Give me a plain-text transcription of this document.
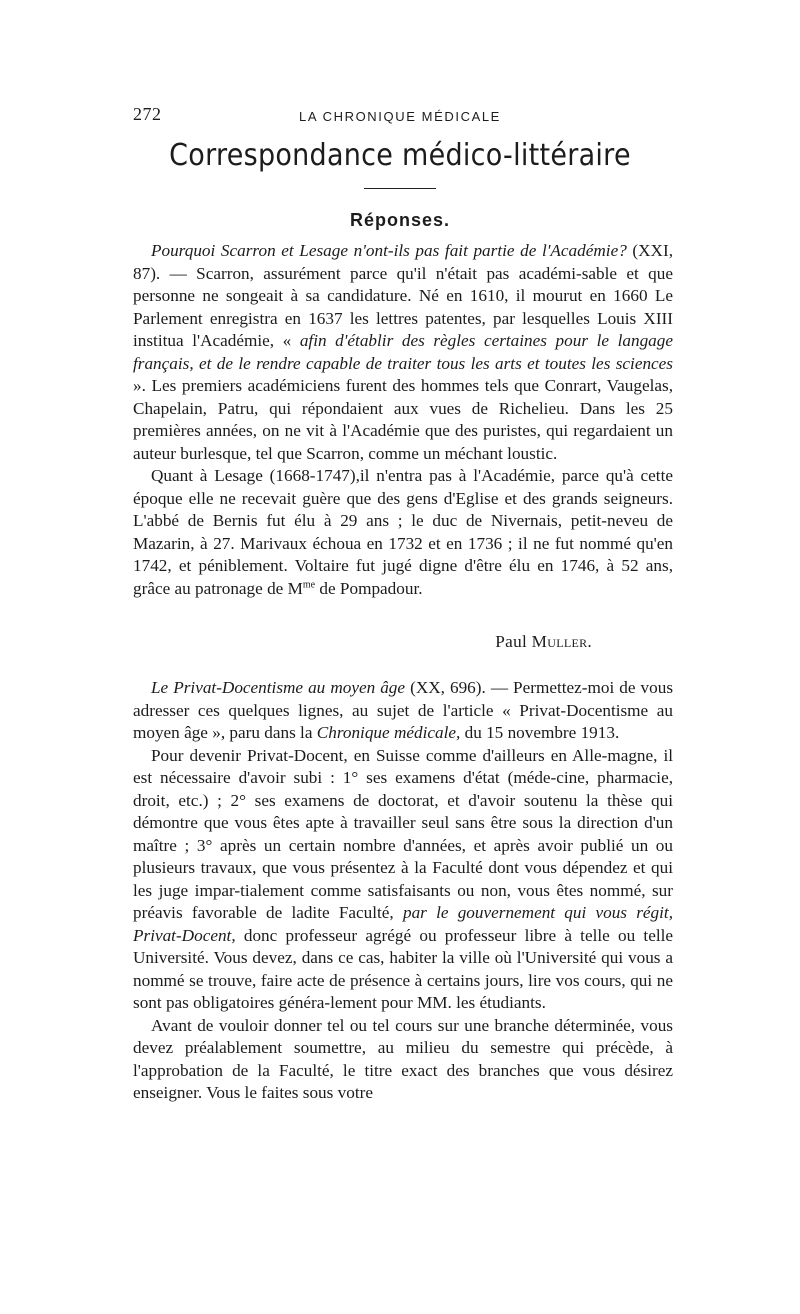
272	LA CHRONIQUE MÉDICALE
Correspondance médico-littéraire
Réponses.

Pourquoi Scarron et Lesage n'ont-ils pas fait partie de l'Académie? (XXI, 87). — Scarron, assurément parce qu'il n'était pas académi-sable et que personne ne songeait à sa candidature. Né en 1610, il mourut en 1660 Le Parlement enregistra en 1637 les lettres patentes, par lesquelles Louis XIII institua l'Académie, « afin d'établir des règles certaines pour le langage français, et de le rendre capable de traiter tous les arts et toutes les sciences ». Les premiers académiciens furent des hommes tels que Conrart, Vaugelas, Chapelain, Patru, qui répondaient aux vues de Richelieu. Dans les 25 premières années, on ne vit à l'Académie que des puristes, qui regardaient un auteur burlesque, tel que Scarron, comme un méchant loustic.

Quant à Lesage (1668-1747),il n'entra pas à l'Académie, parce qu'à cette époque elle ne recevait guère que des gens d'Eglise et des grands seigneurs. L'abbé de Bernis fut élu à 29 ans ; le duc de Nivernais, petit-neveu de Mazarin, à 27. Marivaux échoua en 1732 et en 1736 ; il ne fut nommé qu'en 1742, et péniblement. Voltaire fut jugé digne d'être élu en 1746, à 52 ans, grâce au patronage de $M^{me}$ de Pompadour.

Paul Muller.

Le Privat-Docentisme au moyen âge (XX, 696). — Permettez-moi de vous adresser ces quelques lignes, au sujet de l'article « Privat-Docentisme au moyen âge », paru dans la Chronique médicale, du 15 novembre 1913.

Pour devenir Privat-Docent, en Suisse comme d'ailleurs en Alle-magne, il est nécessaire d'avoir subi : 1° ses examens d'état (méde-cine, pharmacie, droit, etc.) ; 2° ses examens de doctorat, et d'avoir soutenu la thèse qui démontre que vous êtes apte à travailler seul sans être sous la direction d'un maître ; 3° après un certain nombre d'années, et après avoir publié un ou plusieurs travaux, que vous présentez à la Faculté dont vous dépendez et qui les juge impar-tialement comme satisfaisants ou non, vous êtes nommé, sur préavis favorable de ladite Faculté, par le gouvernement qui vous régit, Privat-Docent, donc professeur agrégé ou professeur libre à telle ou telle Université. Vous devez, dans ce cas, habiter la ville où l'Université qui vous a nommé se trouve, faire acte de présence à certains jours, lire vos cours, qui ne sont pas obligatoires généra-lement pour MM. les étudiants.

Avant de vouloir donner tel ou tel cours sur une branche déterminée, vous devez préalablement soumettre, au milieu du semestre qui précède, à l'approbation de la Faculté, le titre exact des branches que vous désirez enseigner. Vous le faites sous votre
